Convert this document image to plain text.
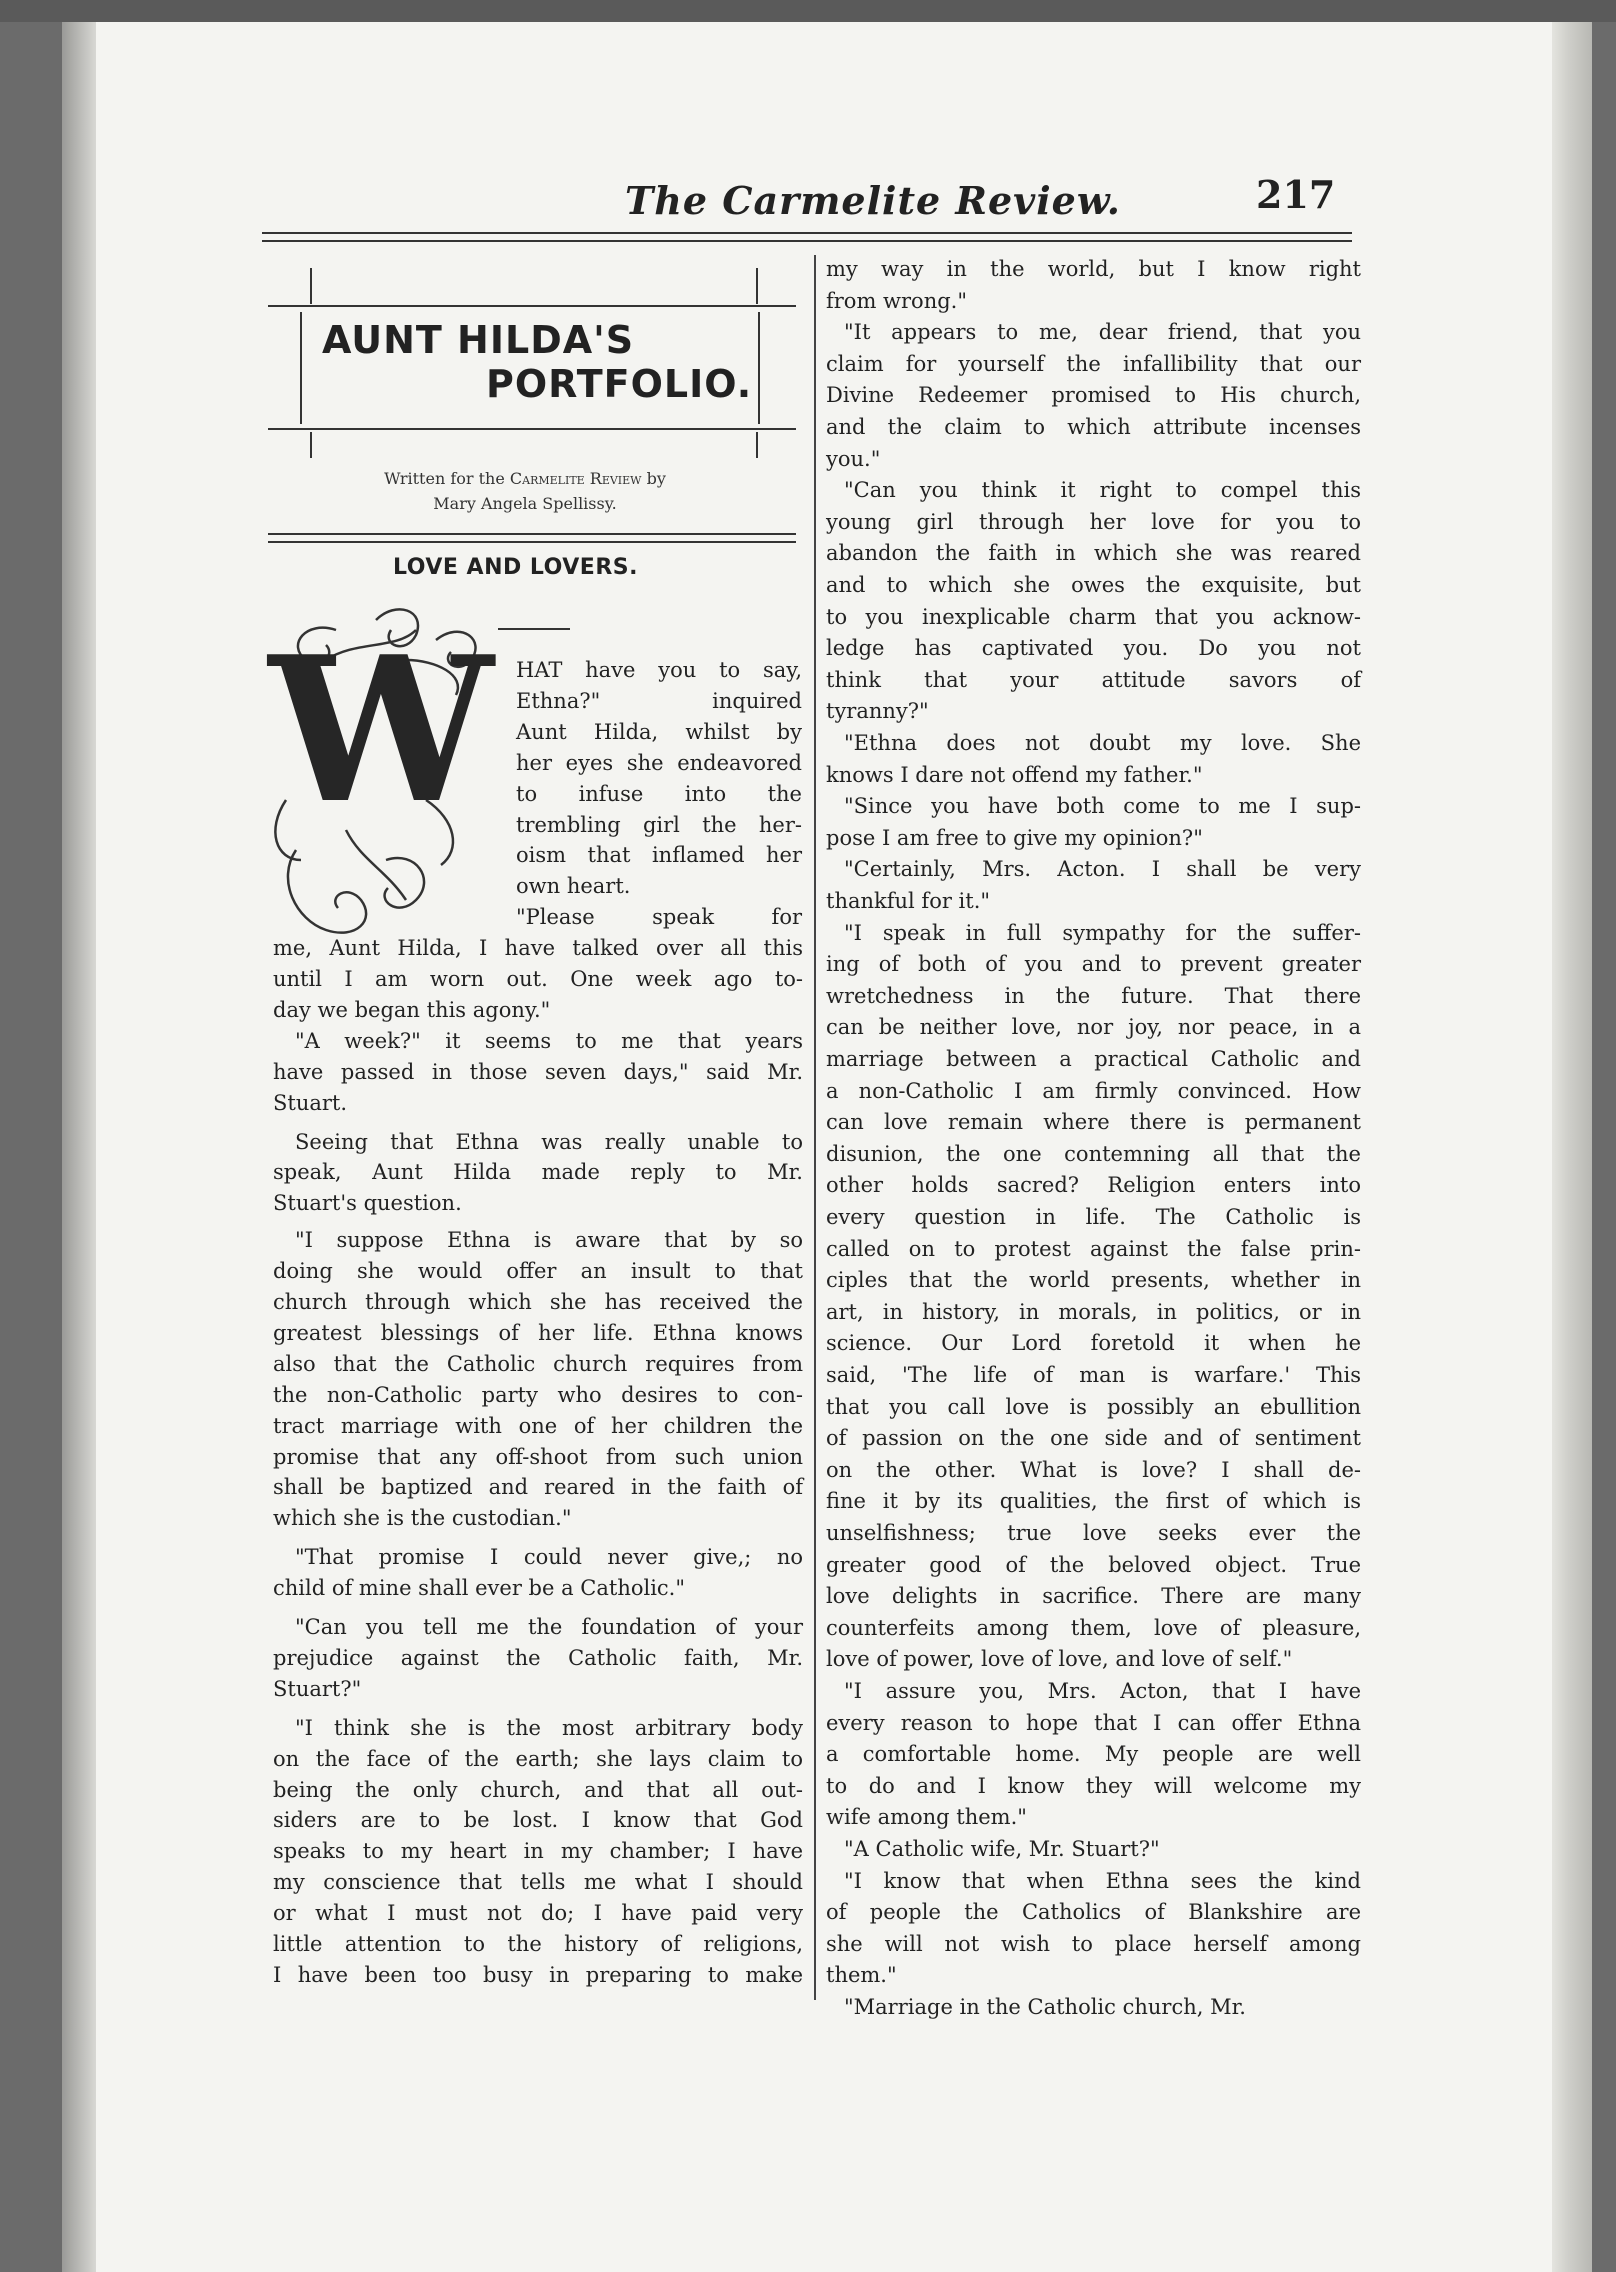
The Carmelite Review.	217
AUNT HILDA'S
PORTFOLIO.
Written for the Carmelite Review by
Mary Angela Spellissy.
LOVE AND LOVERS.
W HAT have you to say,
Ethna?" inquired
Aunt Hilda, whilst by
her eyes she endeavored
to infuse into the
trembling girl the her-
oism that inflamed her
own heart.
"Please speak for
me, Aunt Hilda, I have talked over all this
until I am worn out. One week ago to-
day we began this agony."
"A week?" it seems to me that years
have passed in those seven days," said Mr.
Stuart.
Seeing that Ethna was really unable to
speak, Aunt Hilda made reply to Mr.
Stuart's question.
"I suppose Ethna is aware that by so
doing she would offer an insult to that
church through which she has received the
greatest blessings of her life. Ethna knows
also that the Catholic church requires from
the non-Catholic party who desires to con-
tract marriage with one of her children the
promise that any off-shoot from such union
shall be baptized and reared in the faith of
which she is the custodian."
"That promise I could never give,; no
child of mine shall ever be a Catholic."
"Can you tell me the foundation of your
prejudice against the Catholic faith, Mr.
Stuart?"
"I think she is the most arbitrary body
on the face of the earth; she lays claim to
being the only church, and that all out-
siders are to be lost. I know that God
speaks to my heart in my chamber; I have
my conscience that tells me what I should
or what I must not do; I have paid very
little attention to the history of religions,
I have been too busy in preparing to make
my way in the world, but I know right
from wrong."
"It appears to me, dear friend, that you
claim for yourself the infallibility that our
Divine Redeemer promised to His church,
and the claim to which attribute incenses
you."
"Can you think it right to compel this
young girl through her love for you to
abandon the faith in which she was reared
and to which she owes the exquisite, but
to you inexplicable charm that you acknow-
ledge has captivated you. Do you not
think that your attitude savors of
tyranny?"
"Ethna does not doubt my love. She
knows I dare not offend my father."
"Since you have both come to me I sup-
pose I am free to give my opinion?"
"Certainly, Mrs. Acton. I shall be very
thankful for it."
"I speak in full sympathy for the suffer-
ing of both of you and to prevent greater
wretchedness in the future. That there
can be neither love, nor joy, nor peace, in a
marriage between a practical Catholic and
a non-Catholic I am firmly convinced. How
can love remain where there is permanent
disunion, the one contemning all that the
other holds sacred? Religion enters into
every question in life. The Catholic is
called on to protest against the false prin-
ciples that the world presents, whether in
art, in history, in morals, in politics, or in
science. Our Lord foretold it when he
said, 'The life of man is warfare.' This
that you call love is possibly an ebullition
of passion on the one side and of sentiment
on the other. What is love? I shall de-
fine it by its qualities, the first of which is
unselfishness; true love seeks ever the
greater good of the beloved object. True
love delights in sacrifice. There are many
counterfeits among them, love of pleasure,
love of power, love of love, and love of self."
"I assure you, Mrs. Acton, that I have
every reason to hope that I can offer Ethna
a comfortable home. My people are well
to do and I know they will welcome my
wife among them."
"A Catholic wife, Mr. Stuart?"
"I know that when Ethna sees the kind
of people the Catholics of Blankshire are
she will not wish to place herself among
them."
"Marriage in the Catholic church, Mr.
